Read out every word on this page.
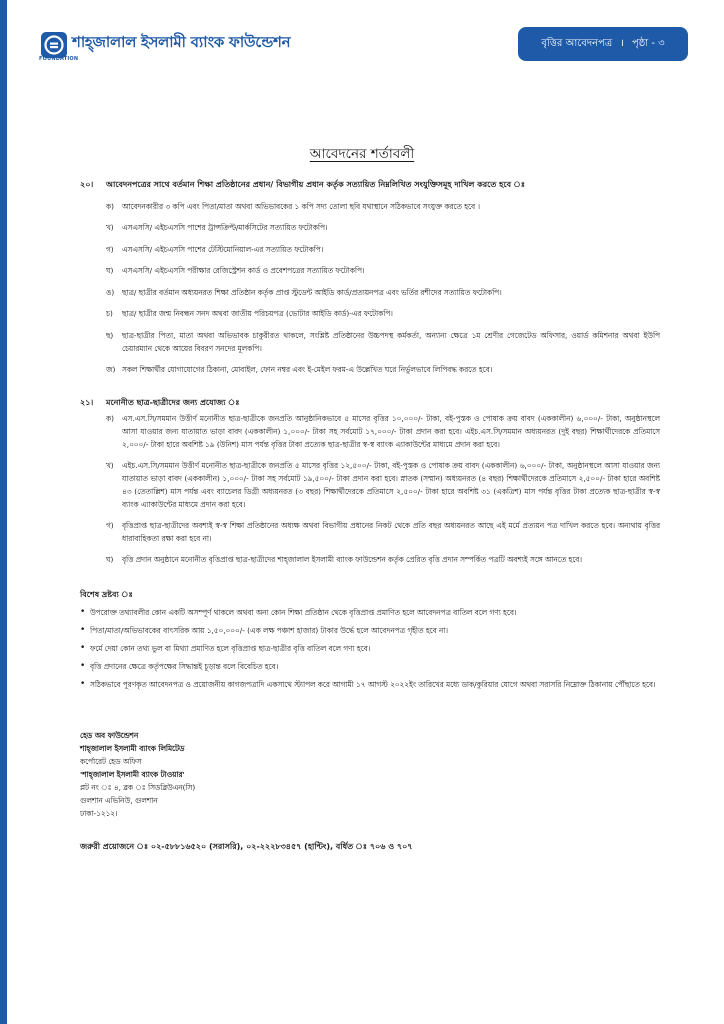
FOUNDATION
শাহ্‌জালাল ইসলামী ব্যাংক ফাউন্ডেশন	বৃত্তির আবেদনপত্র । পৃষ্ঠা - ৩
আবেদনের শর্তাবলী
২০।	আবেদনপত্রের সাথে বর্তমান শিক্ষা প্রতিষ্ঠানের প্রধান/ বিভাগীয় প্রধান কর্তৃক সত্যায়িত নিম্নলিখিত সংযুক্তিসমূহ দাখিল করতে হবে ঃ
ক)	আবেদনকারীর ৩ কপি এবং পিতা/মাতা অথবা অভিভাবকের ১ কপি সদ্য তোলা ছবি যথাস্থানে সঠিকভাবে সংযুক্ত করতে হবে ।
খ)	এসএসসি/ এইচএসসি পাশের ট্রান্সক্রিপ্ট/মার্কসিটের সত্যায়িত ফটোকপি।
গ)	এসএসসি/ এইচএসসি পাশের টেস্টিমোনিয়াল-এর সত্যায়িত ফটোকপি।
ঘ)	এসএসসি/ এইচএসসি পরীক্ষার রেজিস্ট্রেশন কার্ড ও প্রবেশপত্রের সত্যায়িত ফটোকপি।
ঙ)	ছাত্র/ ছাত্রীর বর্তমান অধ্যয়নরত শিক্ষা প্রতিষ্ঠান কর্তৃক প্রাপ্ত স্টুডেন্ট আইডি কার্ড/প্রত্যয়নপত্র এবং ভর্তির রশীদের সত্যায়িত ফটোকপি।
চ)	ছাত্র/ ছাত্রীর জন্ম নিবন্ধন সনদ অথবা জাতীয় পরিচয়পত্র (ভোটার আইডি কার্ড)-এর ফটোকপি।
ছ)	ছাত্র-ছাত্রীর পিতা, মাতা অথবা অভিভাবক চাকুরীরত থাকলে, সংশ্লিষ্ট প্রতিষ্ঠানের উচ্চপদস্থ কর্মকর্তা, অন্যান্য ক্ষেত্রে ১ম শ্রেণীর গেজেটেড অফিসার, ওয়ার্ড কমিশনার অথবা ইউপি চেয়ারম্যান থেকে আয়ের বিবরণ সনদের মূলকপি।
জ) সকল শিক্ষার্থীর যোগাযোগের ঠিকানা, মোবাইল, ফোন নম্বর এবং ই-মেইল ফরম-এ উল্লেখিত ঘরে নির্ভুলভাবে লিপিবদ্ধ করতে হবে।
২১।	মনোনীত ছাত্র-ছাত্রীদের জন্য প্রযোজ্য ঃ
ক)	এস.এস.সি/সমমান উত্তীর্ণ মনোনীত ছাত্র-ছাত্রীকে জনপ্রতি আনুষ্ঠানিকভাবে ৫ মাসের বৃত্তির ১০,০০০/- টাকা, বই-পুস্তক ও পোষাক ক্রয় বাবদ (এককালীন) ৬,০০০/- টাকা, অনুষ্ঠানস্থলে আসা যাওয়ার জন্য যাতায়াত ভাড়া বাবদ (এককালীন) ১,০০০/- টাকা সহ সর্বমোট ১৭,০০০/- টাকা প্রদান করা হবে। এইচ.এস.সি/সমমান অধ্যয়নরত (দুই বছর) শিক্ষার্থীদেরকে প্রতিমাসে ২,০০০/- টাকা হারে অবশিষ্ট ১৯ (উনিশ) মাস পর্যন্ত বৃত্তির টাকা প্রত্যেক ছাত্র-ছাত্রীর স্ব-স্ব ব্যাংক এ্যাকাউন্টের মাধ্যমে প্রদান করা হবে।
খ)	এইচ.এস.সি/সমমান উত্তীর্ণ মনোনীত ছাত্র-ছাত্রীকে জনপ্রতি ৫ মাসের বৃত্তির ১২,৫০০/- টাকা, বই-পুস্তক ও পোষাক ক্রয় বাবদ (এককালীন) ৬,০০০/- টাকা, অনুষ্ঠানস্থলে আসা যাওয়ার জন্য যাতায়াত ভাড়া বাবদ (এককালীন) ১,০০০/- টাকা সহ সর্বমোট ১৯,৫০০/- টাকা প্রদান করা হবে। স্নাতক (সম্মান) অধ্যয়নরত (৪ বছর) শিক্ষার্থীদেরকে প্রতিমাসে ২,৫০০/- টাকা হারে অবশিষ্ট ৪৩ (তেতাল্লিশ) মাস পর্যন্ত এবং ব্যাচেলর ডিগ্রী অধ্যয়নরত (৩ বছর) শিক্ষার্থীদেরকে প্রতিমাসে ২,৫০০/- টাকা হারে অবশিষ্ট ৩১ (একত্রিশ) মাস পর্যন্ত বৃত্তির টাকা প্রত্যেক ছাত্র-ছাত্রীর স্ব-স্ব ব্যাংক এ্যাকাউন্টের মাধ্যমে প্রদান করা হবে।
গ)	বৃত্তিপ্রাপ্ত ছাত্র-ছাত্রীদের অবশ্যই স্ব-স্ব শিক্ষা প্রতিষ্ঠানের অধ্যক্ষ অথবা বিভাগীয় প্রধানের নিকট থেকে প্রতি বছর অধ্যয়নরত আছে এই মর্মে প্রত্যয়ন পত্র দাখিল করতে হবে। অন্যথায় বৃত্তির ধারাবাহিকতা রক্ষা করা হবে না।
ঘ)	বৃত্তি প্রদান অনুষ্ঠানে মনোনীত বৃত্তিপ্রাপ্ত ছাত্র-ছাত্রীদের শাহ্‌জালাল ইসলামী ব্যাংক ফাউন্ডেশন কর্তৃক প্রেরিত বৃত্তি প্রদান সম্পর্কিত পত্রটি অবশ্যই সঙ্গে আনতে হবে।
বিশেষ দ্রষ্টব্য ঃ
• উপরোক্ত তথ্যাবলীর কোন একটি অসম্পূর্ণ থাকলে অথবা অন্য কোন শিক্ষা প্রতিষ্ঠান থেকে বৃত্তিপ্রাপ্ত প্রমাণিত হলে আবেদনপত্র বাতিল বলে গণ্য হবে।
• পিতা/মাতা/অভিভাবকের বাৎসরিক আয় ১,৫০,০০০/- (এক লক্ষ পঞ্চাশ হাজার) টাকার উর্দ্ধে হলে আবেদনপত্র গৃহীত হবে না।
• ফর্মে দেয়া কোন তথ্য ভুল বা মিথ্যা প্রমাণিত হলে বৃত্তিপ্রাপ্ত ছাত্র-ছাত্রীর বৃত্তি বাতিল বলে গণ্য হবে।
• বৃত্তি প্রদানের ক্ষেত্রে কর্তৃপক্ষের সিদ্ধান্তই চূড়ান্ত বলে বিবেচিত হবে।
• সঠিকভাবে পূরণকৃত আবেদনপত্র ও প্রয়োজনীয় কাগজপত্রাদি একসাথে স্ট্যাপল করে আগামী ১৭ আগস্ট ২০২২ইং তারিখের মধ্যে ডাক/কুরিয়ার যোগে অথবা সরাসরি নিম্নোক্ত ঠিকানায় পৌঁছাতে হবে।
হেড অব ফাউন্ডেশন
শাহ্‌জালাল ইসলামী ব্যাংক লিমিটেড
কর্পোরেট হেড অফিস
'শাহ্‌জালাল ইসলামী ব্যাংক টাওয়ার'
প্লট নং ঃ ৪, ব্লক ঃ সিডব্লিউএন(সি)
গুলশান এভিনিউ, গুলশান
ঢাকা-১২১২।
জরুরী প্রয়োজনে ঃ ০২-৫৮৮১৬৫২০ (সরাসরি), ০২-২২২৮৩৪৫৭ (হান্টিং), বর্ধিত ঃ ৭০৬ ও ৭০৭
